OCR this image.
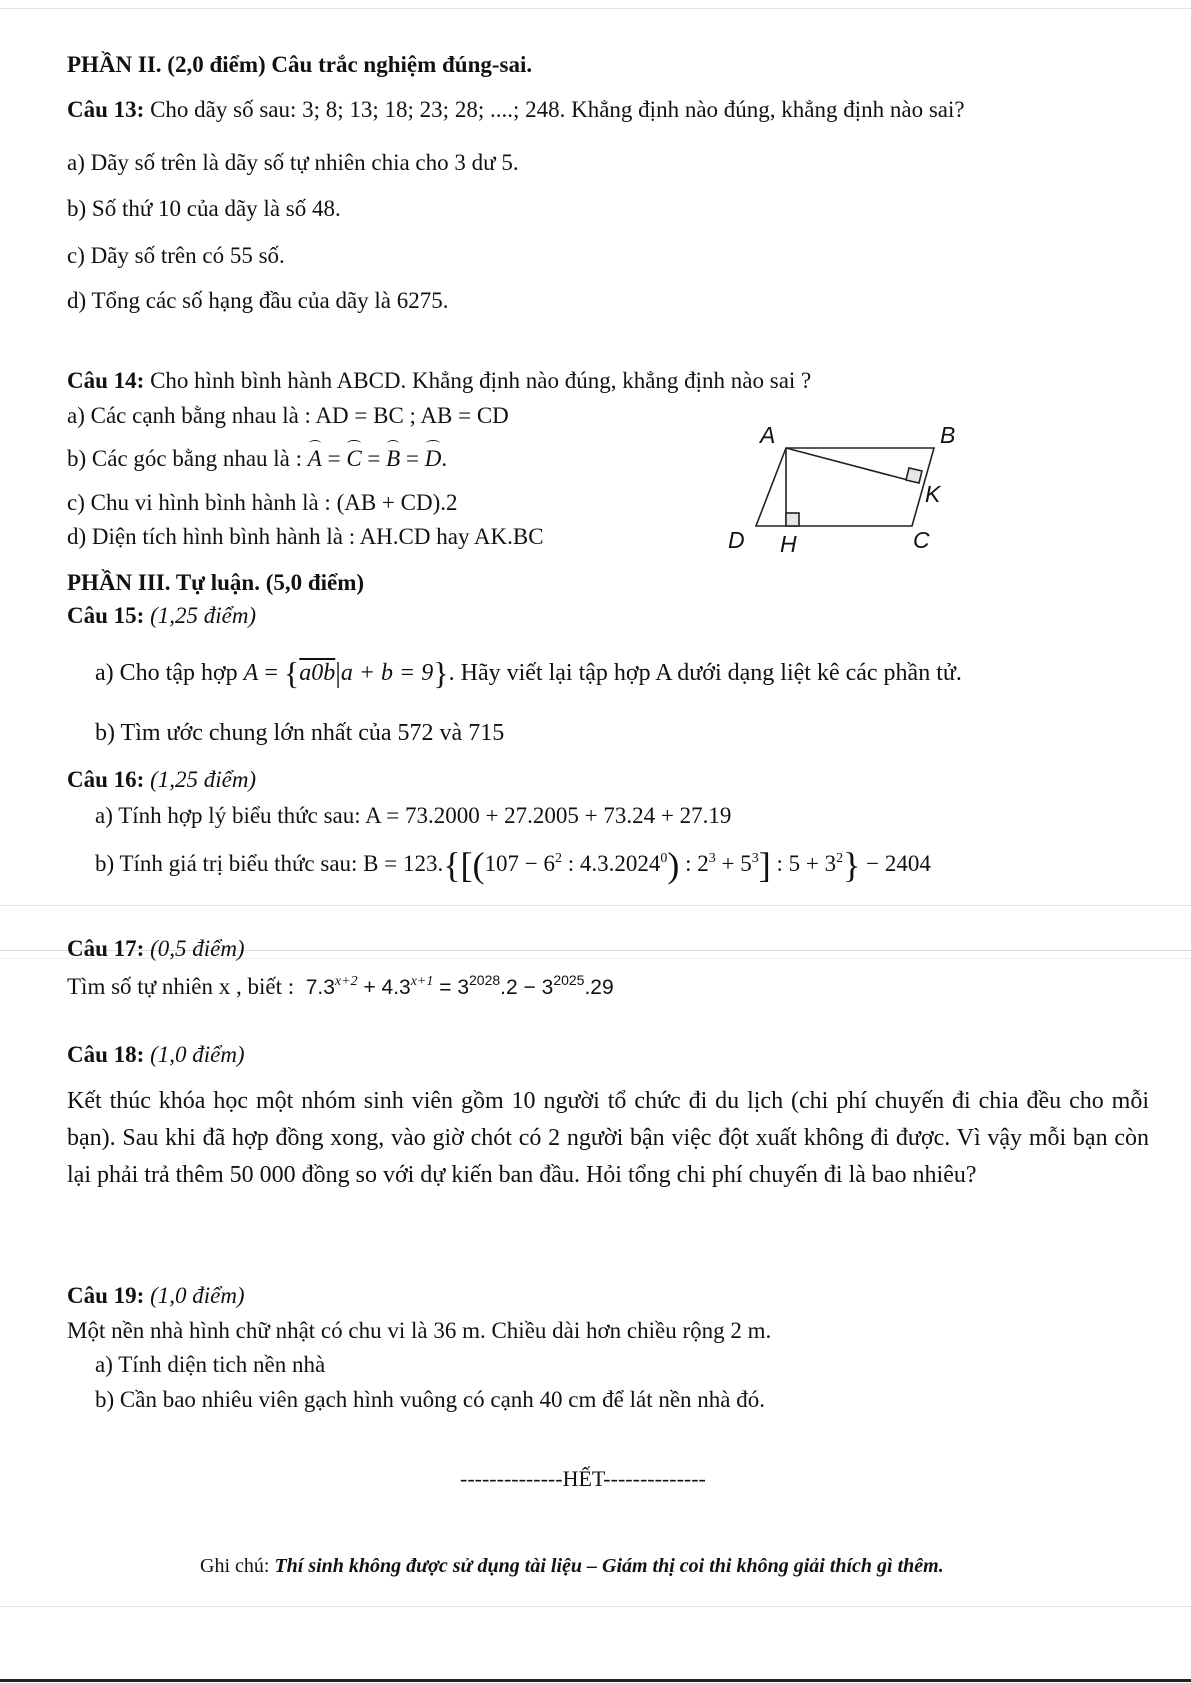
PHẦN II. (2,0 điểm) Câu trắc nghiệm đúng-sai.
Câu 13: Cho dãy số sau: 3; 8; 13; 18; 23; 28; ....; 248. Khẳng định nào đúng, khẳng định nào sai?
a) Dãy số trên là dãy số tự nhiên chia cho 3 dư 5.
b) Số thứ 10 của dãy là số 48.
c) Dãy số trên có 55 số.
d) Tổng các số hạng đầu của dãy là 6275.
Câu 14: Cho hình bình hành ABCD. Khẳng định nào đúng, khẳng định nào sai ?
a) Các cạnh bằng nhau là : AD = BC ; AB = CD
b) Các góc bằng nhau là : A = C = B = D.
c) Chu vi hình bình hành là : (AB + CD).2
d) Diện tích hình bình hành là : AH.CD hay AK.BC
A	B
K
D H	C
PHẦN III. Tự luận. (5,0 điểm)
Câu 15: (1,25 điểm)
a) Cho tập hợp A = {a0b|a + b = 9}. Hãy viết lại tập hợp A dưới dạng liệt kê các phần tử.
b) Tìm ước chung lớn nhất của 572 và 715
Câu 16: (1,25 điểm)
a) Tính hợp lý biểu thức sau: A = 73.2000 + 27.2005 + 73.24 + 27.19
b) Tính giá trị biểu thức sau: $B = 123.\{[(107 - 6^2$ : 4.3.2024$^0$) : $2^3 + 5^3$] : $5 + 3^2\} - 2404$
Câu 17: (0,5 điểm)
Tìm số tự nhiên x , biết :  $7.3^{x+2} + 4.3^{x+1} = 3^{2028}.2 - 3^{2025}.29$
Câu 18: (1,0 điểm)
Kết thúc khóa học một nhóm sinh viên gồm 10 người tổ chức đi du lịch (chi phí chuyến đi chia đều cho mỗi bạn). Sau khi đã hợp đồng xong, vào giờ chót có 2 người bận việc đột xuất không đi được. Vì vậy mỗi bạn còn lại phải trả thêm 50 000 đồng so với dự kiến ban đầu. Hỏi tổng chi phí chuyến đi là bao nhiêu?
Câu 19: (1,0 điểm)
Một nền nhà hình chữ nhật có chu vi là 36 m. Chiều dài hơn chiều rộng 2 m.
a) Tính diện tich nền nhà
b) Cần bao nhiêu viên gạch hình vuông có cạnh 40 cm để lát nền nhà đó.
--------------HẾT--------------
Ghi chú: Thí sinh không được sử dụng tài liệu – Giám thị coi thi không giải thích gì thêm.
